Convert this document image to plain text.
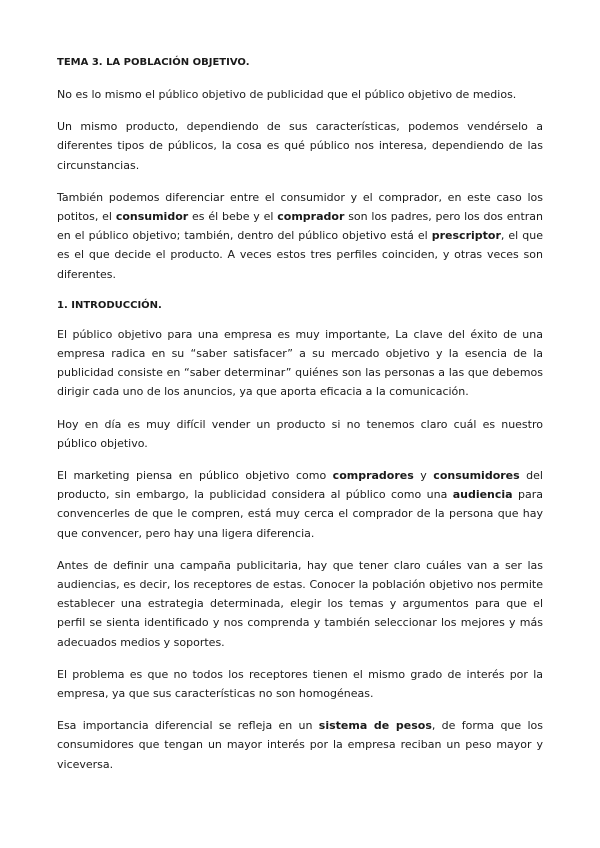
TEMA 3. LA POBLACIÓN OBJETIVO.

No es lo mismo el público objetivo de publicidad que el público objetivo de medios.

Un mismo producto, dependiendo de sus características, podemos vendérselo a diferentes tipos de públicos, la cosa es qué público nos interesa, dependiendo de las circunstancias.

También podemos diferenciar entre el consumidor y el comprador, en este caso los potitos, el consumidor es él bebe y el comprador son los padres, pero los dos entran en el público objetivo; también, dentro del público objetivo está el prescriptor, el que es el que decide el producto. A veces estos tres perfiles coinciden, y otras veces son diferentes.

1. INTRODUCCIÓN.

El público objetivo para una empresa es muy importante, La clave del éxito de una empresa radica en su “saber satisfacer” a su mercado objetivo y la esencia de la publicidad consiste en “saber determinar” quiénes son las personas a las que debemos dirigir cada uno de los anuncios, ya que aporta eficacia a la comunicación.

Hoy en día es muy difícil vender un producto si no tenemos claro cuál es nuestro público objetivo.

El marketing piensa en público objetivo como compradores y consumidores del producto, sin embargo, la publicidad considera al público como una audiencia para convencerles de que le compren, está muy cerca el comprador de la persona que hay que convencer, pero hay una ligera diferencia.

Antes de definir una campaña publicitaria, hay que tener claro cuáles van a ser las audiencias, es decir, los receptores de estas. Conocer la población objetivo nos permite establecer una estrategia determinada, elegir los temas y argumentos para que el perfil se sienta identificado y nos comprenda y también seleccionar los mejores y más adecuados medios y soportes.

El problema es que no todos los receptores tienen el mismo grado de interés por la empresa, ya que sus características no son homogéneas.

Esa importancia diferencial se refleja en un sistema de pesos, de forma que los consumidores que tengan un mayor interés por la empresa reciban un peso mayor y viceversa.
